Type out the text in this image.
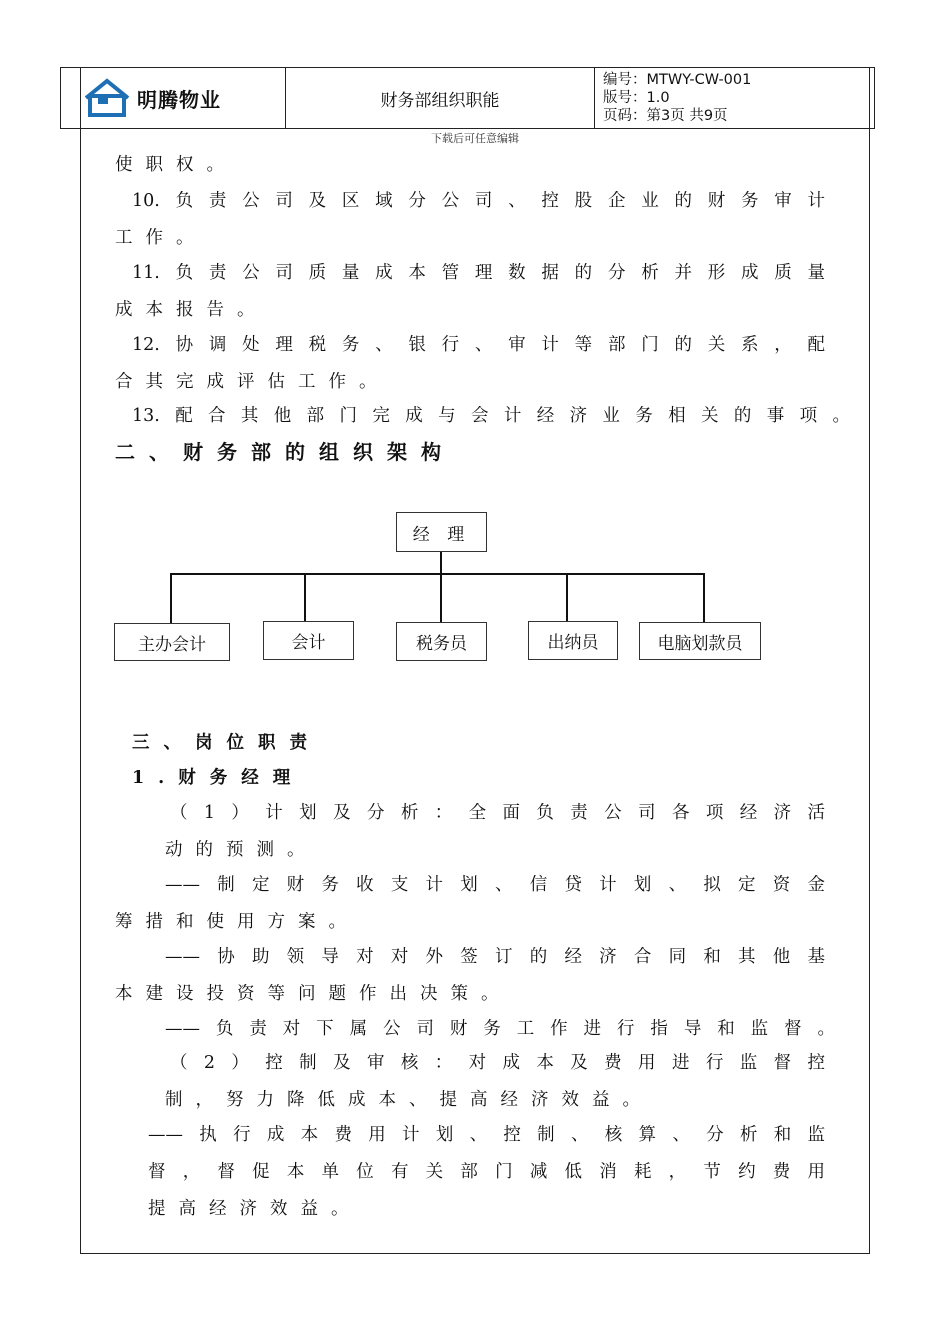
明腾物业	财务部组织职能
编号：MTWY-CW-001
版号：1.0
页码：第3页 共9页
下载后可任意编辑
使职权。
10.负责公司及区域分公司、控股企业的财务审计
工作。
11.负责公司质量成本管理数据的分析并形成质量
成本报告。
12.协调处理税务、银行、审计等部门的关系，配
合其完成评估工作。
13.配合其他部门完成与会计经济业务相关的事项。
二、财务部的组织架构
经 理
主办会计	会计	税务员	出纳员	电脑划款员
三、岗位职责
1.财务经理
（1）计划及分析：全面负责公司各项经济活
动的预测。
——制定财务收支计划、信贷计划、拟定资金
筹措和使用方案。
——协助领导对对外签订的经济合同和其他基
本建设投资等问题作出决策。
——负责对下属公司财务工作进行指导和监督。
（2）控制及审核：对成本及费用进行监督控
制，努力降低成本、提高经济效益。
——执行成本费用计划、控制、核算、分析和监
督，督促本单位有关部门减低消耗，节约费用
提高经济效益。
